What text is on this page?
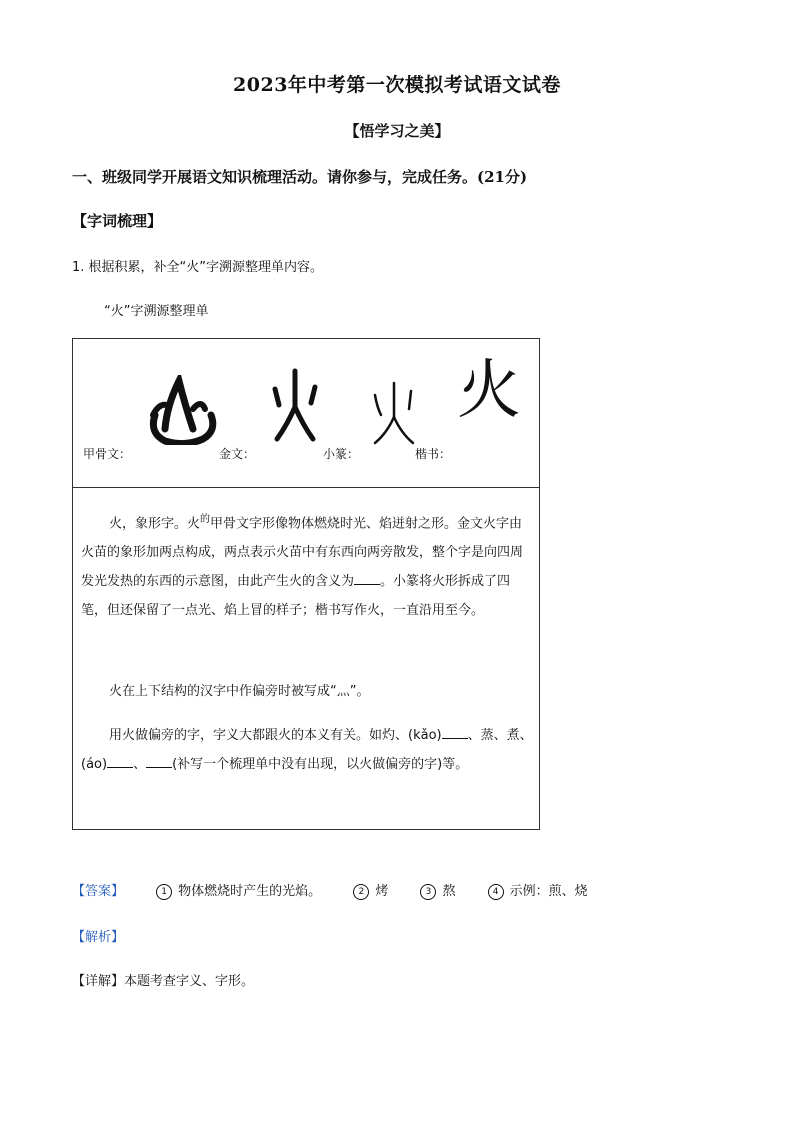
2023年中考第一次模拟考试语文试卷
【悟学习之美】
一、班级同学开展语文知识梳理活动。请你参与，完成任务。(21分)
【字词梳理】
1. 根据积累，补全“火”字溯源整理单内容。
“火”字溯源整理单
甲骨文：	金文：	小篆：	楷书：
火
火，象形字。火$^的$甲骨文字形像物体燃烧时光、焰迸射之形。金文火字由火苗的象形加两点构成，两点表示火苗中有东西向两旁散发，整个字是向四周发光发热的东西的示意图，由此产生火的含义为 。小篆将火形拆成了四笔，但还保留了一点光、焰上冒的样子；楷书写作火，一直沿用至今。
火在上下结构的汉字中作偏旁时被写成“灬”。
用火做偏旁的字，字义大都跟火的本义有关。如灼、(kǎo) 、蒸、煮、(áo) 、 (补写一个梳理单中没有出现，以火做偏旁的字)等。
【答案】	1 物体燃烧时产生的光焰。	2 烤	3 熬	4 示例：煎、烧
【解析】
【详解】本题考查字义、字形。
